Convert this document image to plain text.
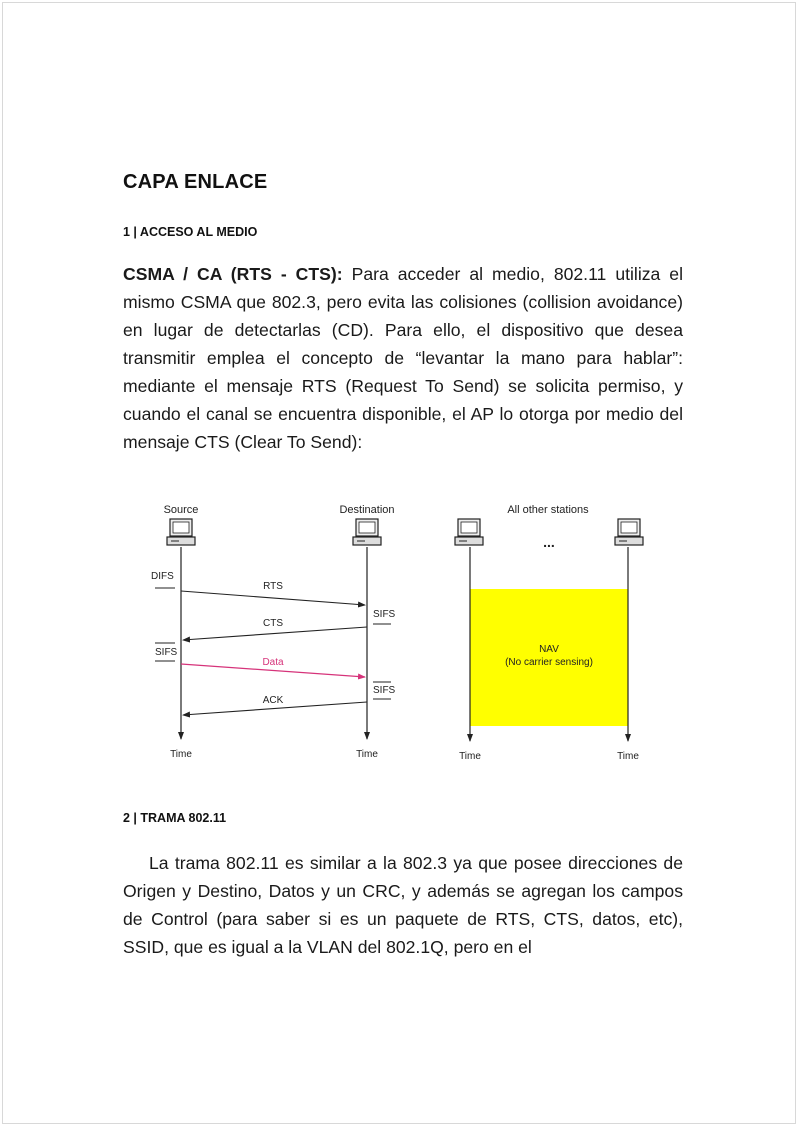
CAPA ENLACE
1 | ACCESO AL MEDIO

CSMA / CA (RTS - CTS): Para acceder al medio, 802.11 utiliza el mismo CSMA que 802.3, pero evita las colisiones (collision avoidance) en lugar de detectarlas (CD). Para ello, el dispositivo que desea transmitir emplea el concepto de “levantar la mano para hablar”: mediante el mensaje RTS (Request To Send) se solicita permiso, y cuando el canal se encuentra disponible, el AP lo otorga por medio del mensaje CTS (Clear To Send):

Source	Destination	All other stations
...
NAV
(No carrier sensing)
DIFS
SIFS
SIFS
SIFS
RTS
CTS
Data
ACK
Time	Time	Time	Time
2 | TRAMA 802.11

La trama 802.11 es similar a la 802.3 ya que posee direcciones de Origen y Destino, Datos y un CRC, y además se agregan los campos de Control (para saber si es un paquete de RTS, CTS, datos, etc), SSID, que es igual a la VLAN del 802.1Q, pero en el
